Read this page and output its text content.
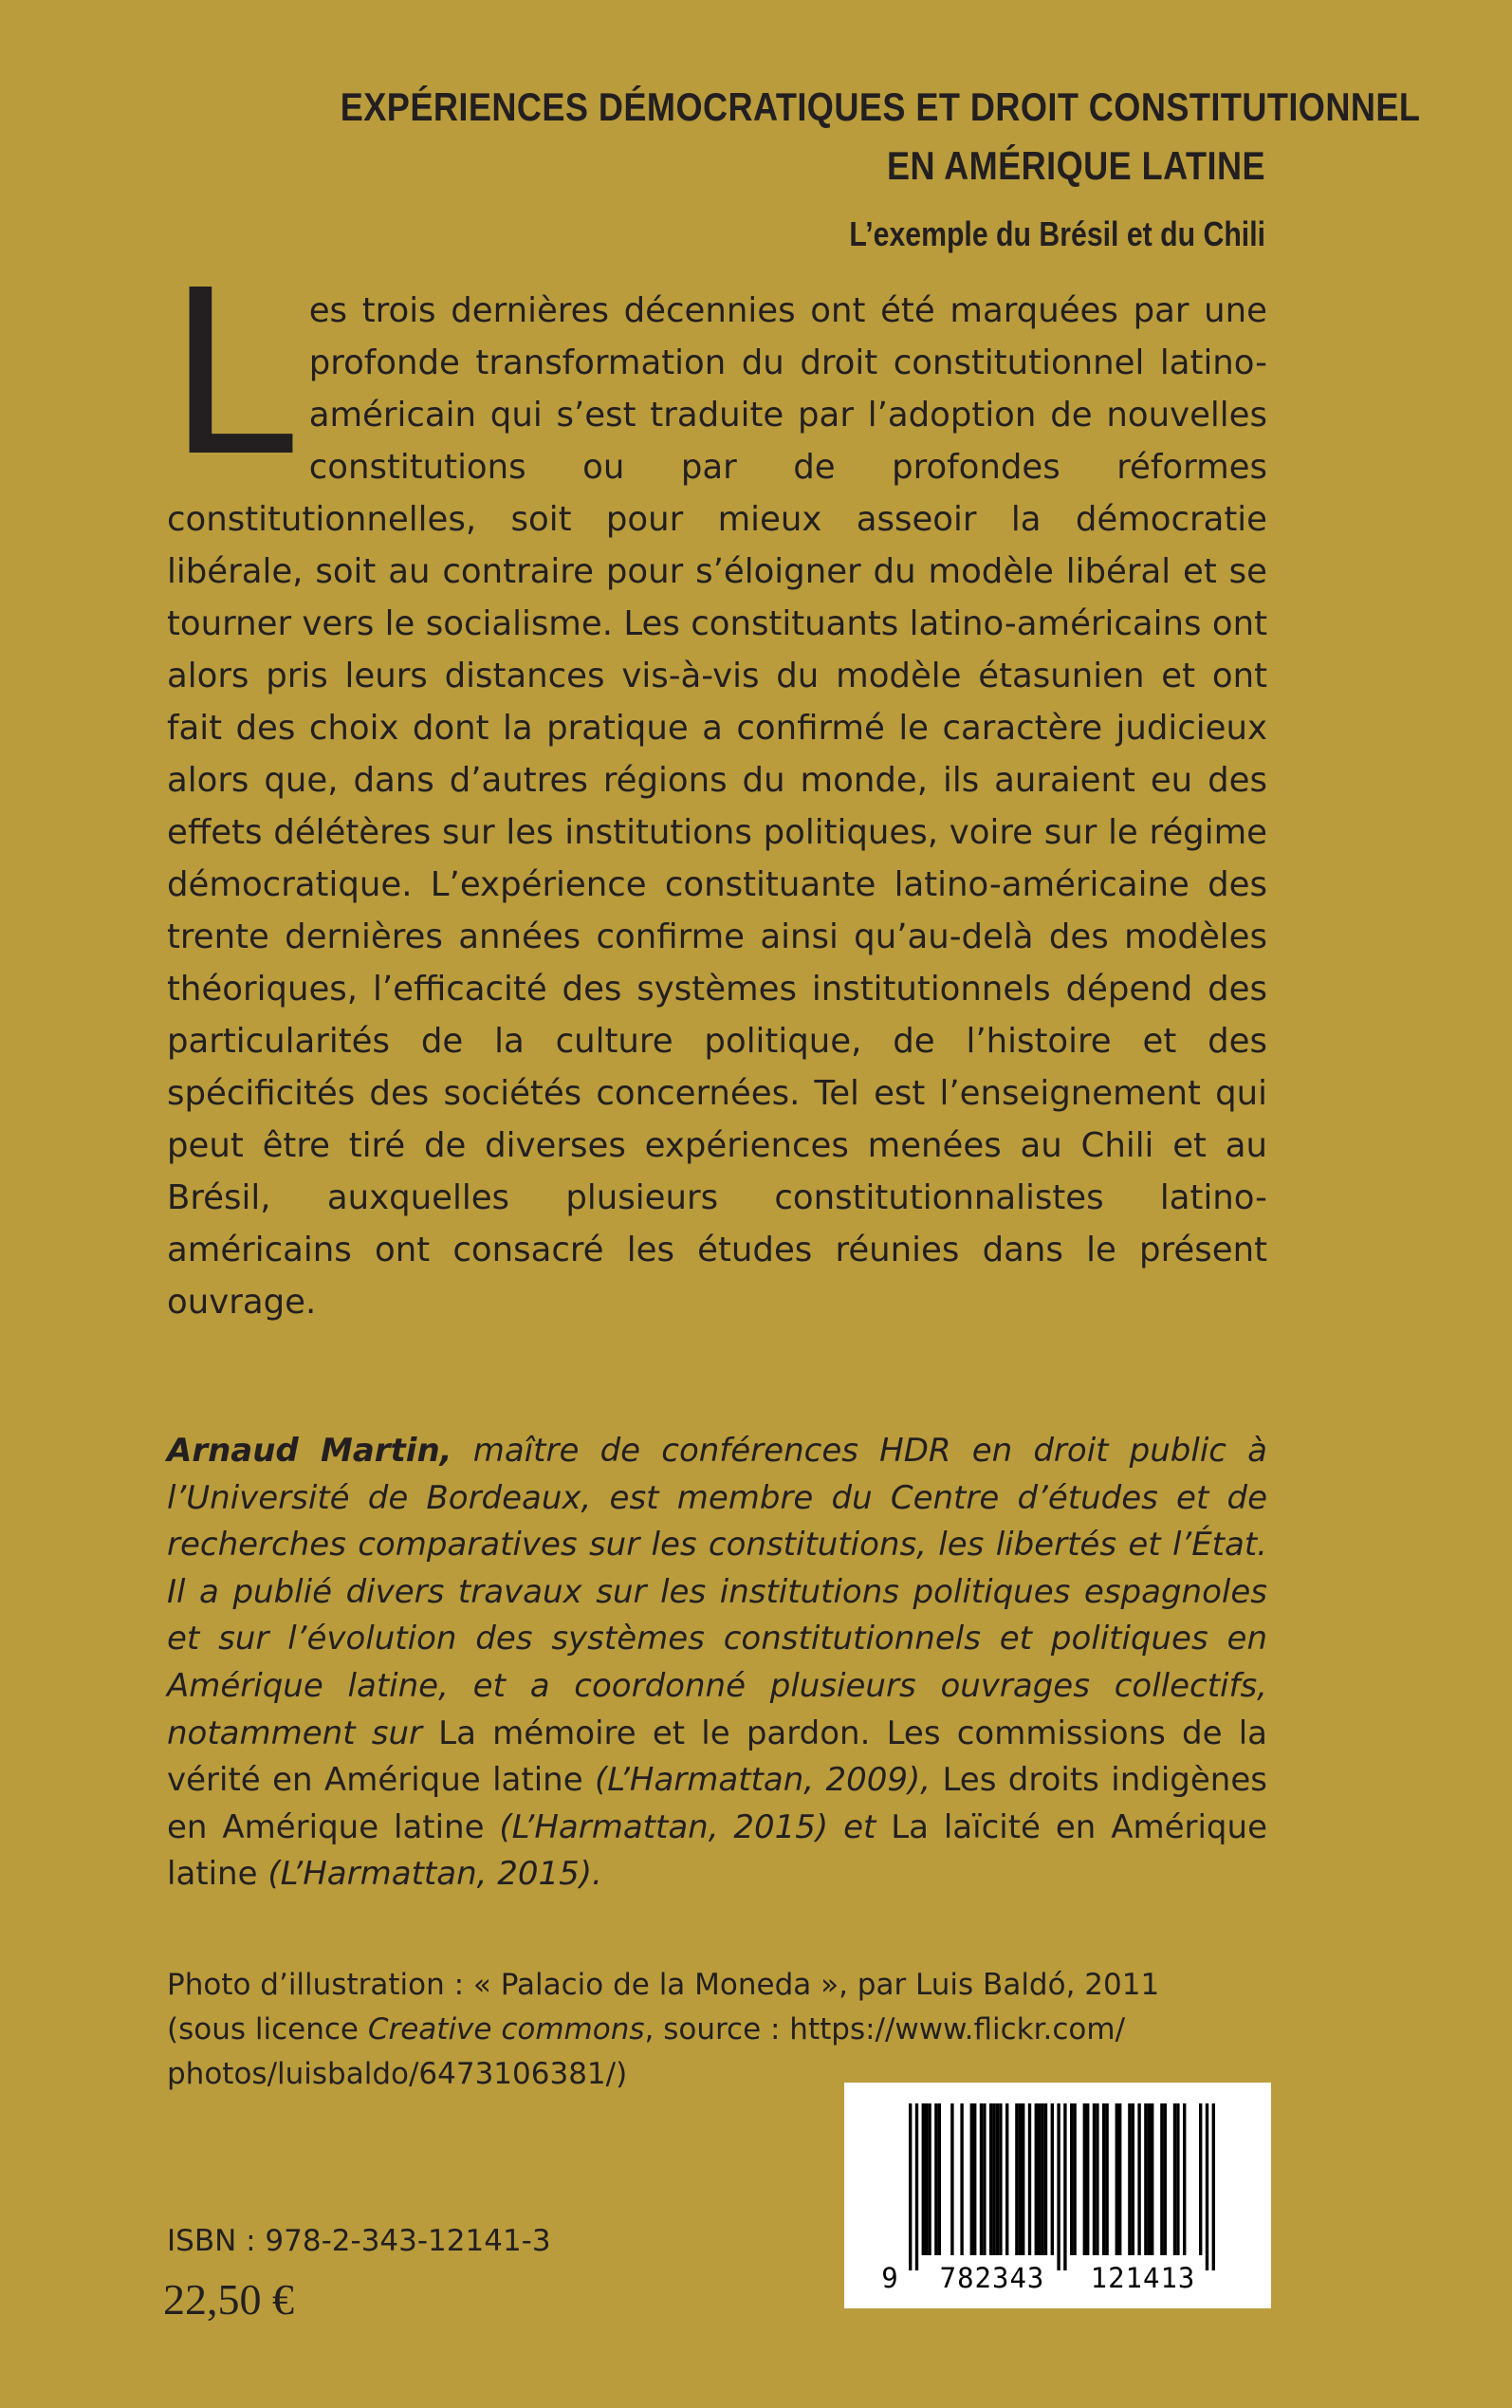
EXPÉRIENCES DÉMOCRATIQUES ET DROIT CONSTITUTIONNEL
EN AMÉRIQUE LATINE
L’exemple du Brésil et du Chili

Les trois dernières décennies ont été marquées par une profonde transformation du droit constitutionnel latino-américain qui s’est traduite par l’adoption de nouvelles constitutions ou par de profondes réformes constitutionnelles, soit pour mieux asseoir la démocratie libérale, soit au contraire pour s’éloigner du modèle libéral et se tourner vers le socialisme. Les constituants latino-américains ont alors pris leurs distances vis-à-vis du modèle étasunien et ont fait des choix dont la pratique a confirmé le caractère judicieux alors que, dans d’autres régions du monde, ils auraient eu des effets délétères sur les institutions politiques, voire sur le régime démocratique. L’expérience constituante latino-américaine des trente dernières années confirme ainsi qu’au-delà des modèles théoriques, l’efficacité des systèmes institutionnels dépend des particularités de la culture politique, de l’histoire et des spécificités des sociétés concernées. Tel est l’enseignement qui peut être tiré de diverses expériences menées au Chili et au Brésil, auxquelles plusieurs constitutionnalistes latino-américains ont consacré les études réunies dans le présent ouvrage.

Arnaud Martin, maître de conférences HDR en droit public à l’Université de Bordeaux, est membre du Centre d’études et de recherches comparatives sur les constitutions, les libertés et l’État. Il a publié divers travaux sur les institutions politiques espagnoles et sur l’évolution des systèmes constitutionnels et politiques en Amérique latine, et a coordonné plusieurs ouvrages collectifs, notamment sur La mémoire et le pardon. Les commissions de la vérité en Amérique latine (L’Harmattan, 2009), Les droits indigènes en Amérique latine (L’Harmattan, 2015) et La laïcité en Amérique latine (L’Harmattan, 2015).

Photo d’illustration : « Palacio de la Moneda », par Luis Baldó, 2011
(sous licence Creative commons, source : https://www.flickr.com/
photos/luisbaldo/6473106381/)

9 782343 121413
ISBN : 978-2-343-12141-3
22,50 €
